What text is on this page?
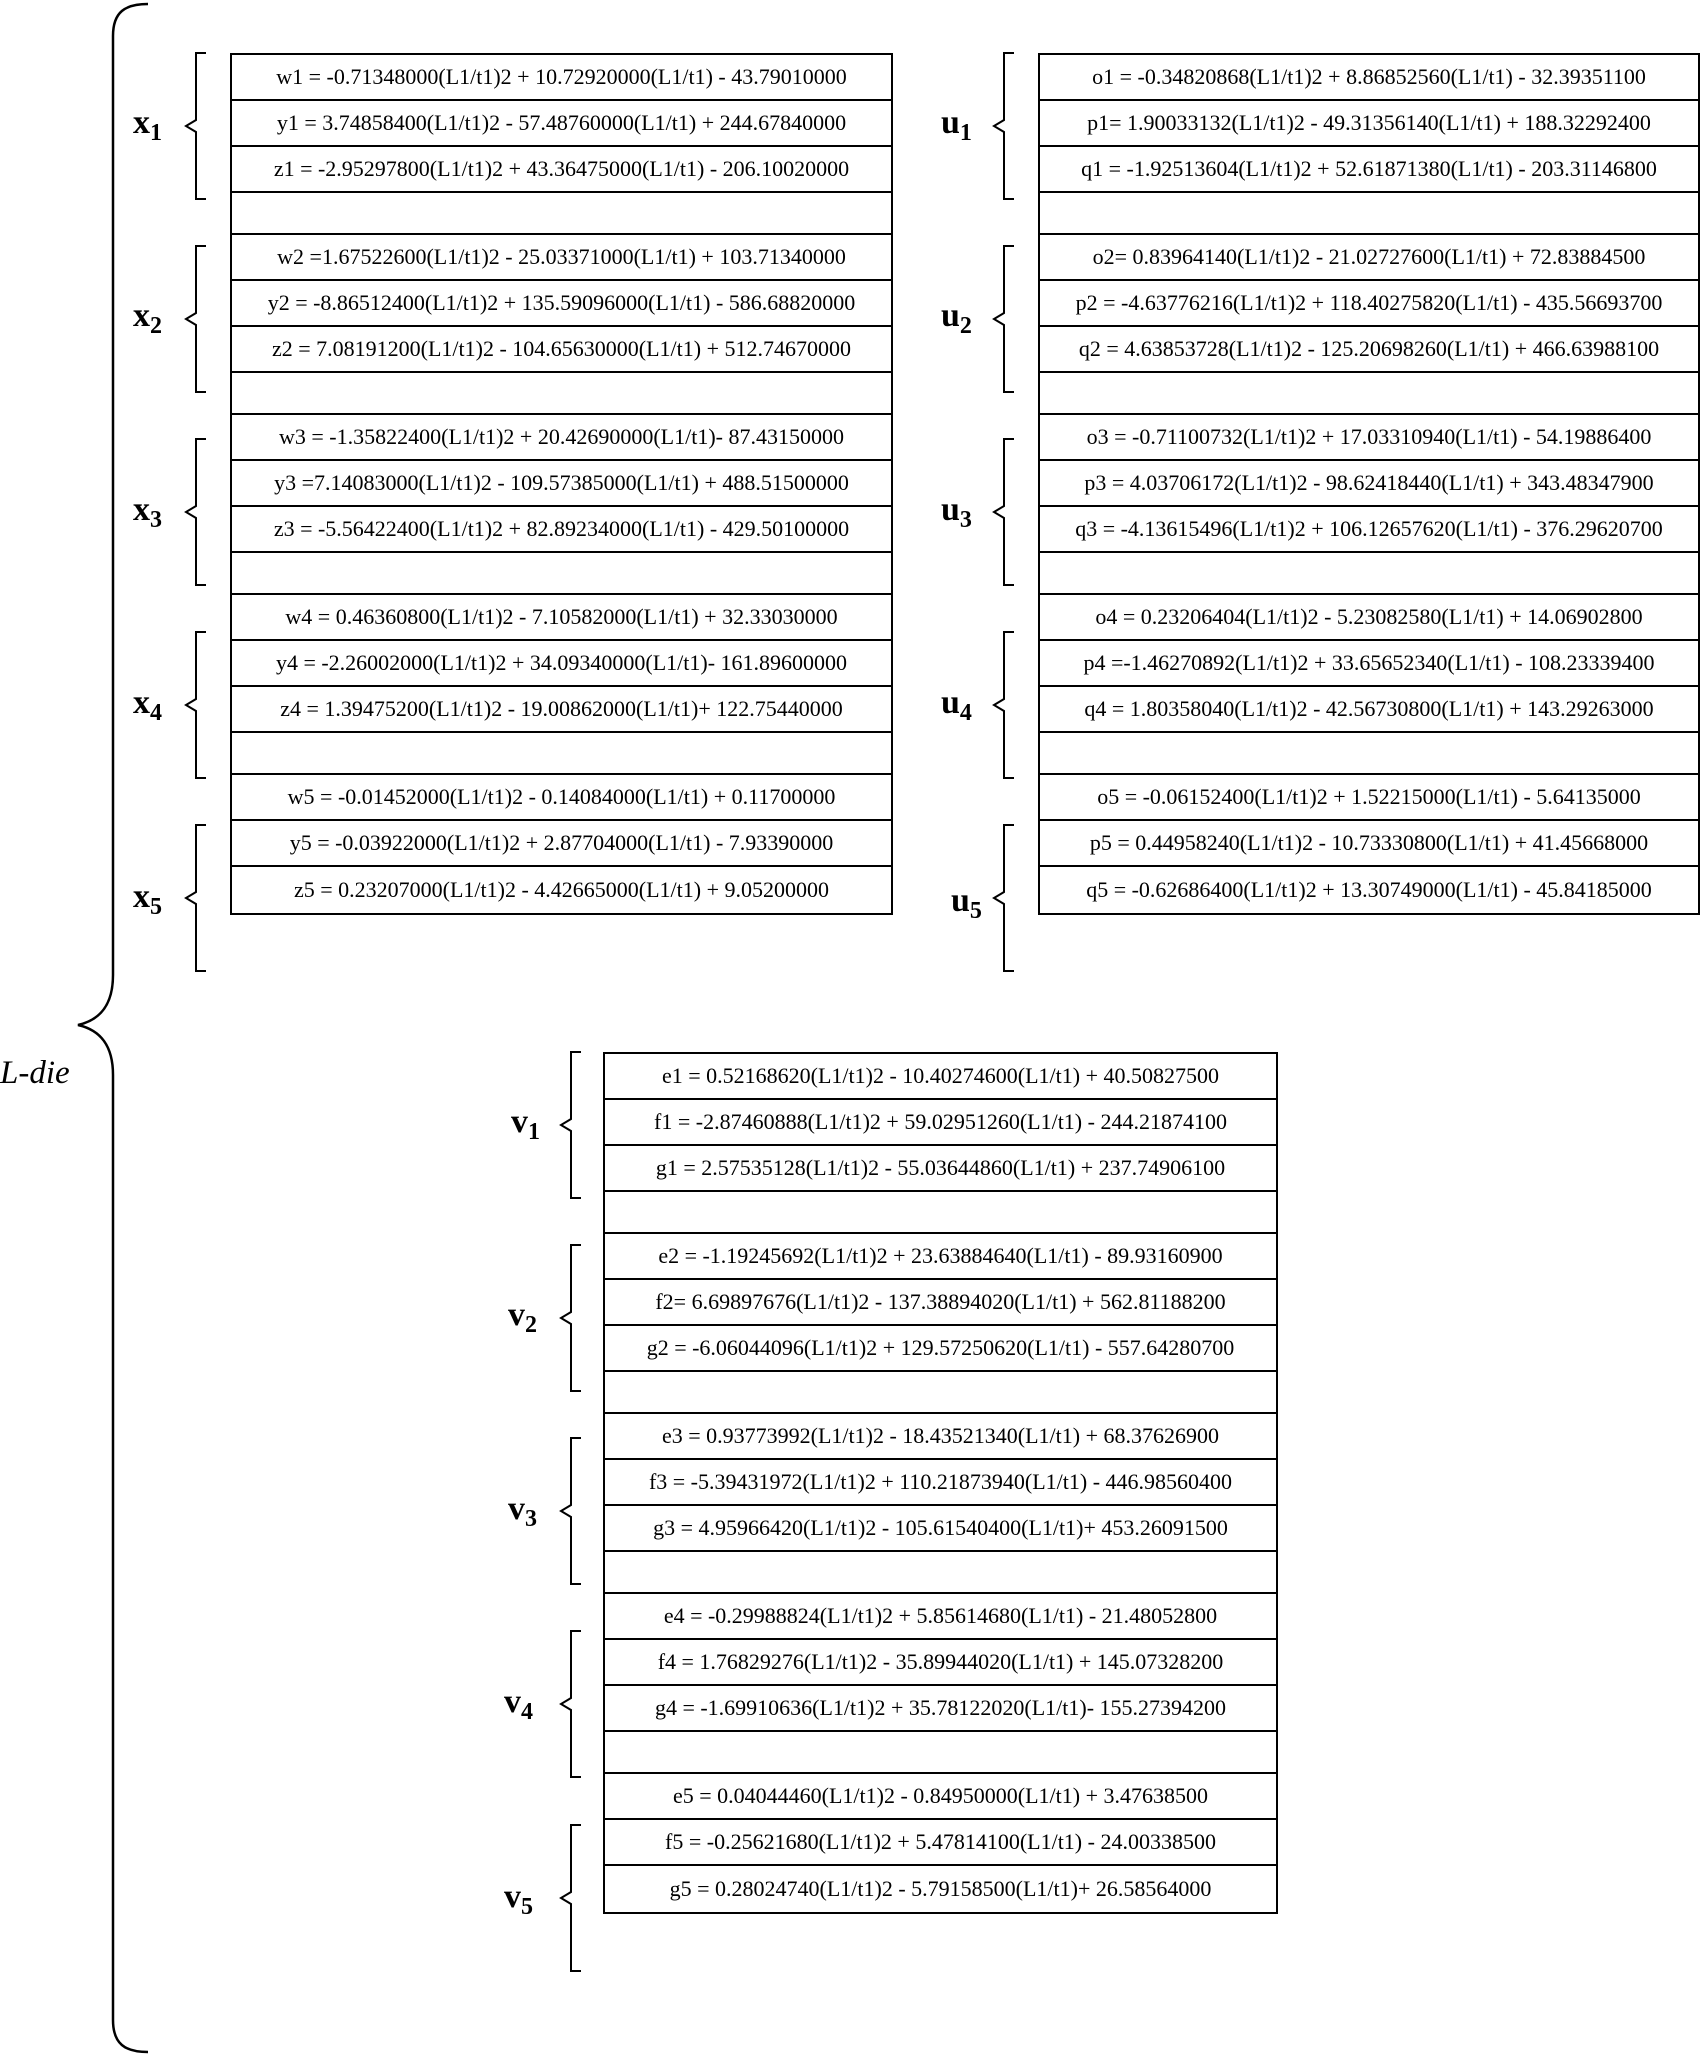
L-die
w1 = -0.71348000(L1/t1)2 + 10.72920000(L1/t1) - 43.79010000
y1 = 3.74858400(L1/t1)2 - 57.48760000(L1/t1) + 244.67840000
z1 = -2.95297800(L1/t1)2 + 43.36475000(L1/t1) - 206.10020000
w2 =1.67522600(L1/t1)2 - 25.03371000(L1/t1) + 103.71340000
y2 = -8.86512400(L1/t1)2 + 135.59096000(L1/t1) - 586.68820000
z2 = 7.08191200(L1/t1)2 - 104.65630000(L1/t1) + 512.74670000
w3 = -1.35822400(L1/t1)2 + 20.42690000(L1/t1)- 87.43150000
y3 =7.14083000(L1/t1)2 - 109.57385000(L1/t1) + 488.51500000
z3 = -5.56422400(L1/t1)2 + 82.89234000(L1/t1) - 429.50100000
w4 = 0.46360800(L1/t1)2 - 7.10582000(L1/t1) + 32.33030000
y4 = -2.26002000(L1/t1)2 + 34.09340000(L1/t1)- 161.89600000
z4 = 1.39475200(L1/t1)2 - 19.00862000(L1/t1)+ 122.75440000
w5 = -0.01452000(L1/t1)2 - 0.14084000(L1/t1) + 0.11700000
y5 = -0.03922000(L1/t1)2 + 2.87704000(L1/t1) - 7.93390000
z5 = 0.23207000(L1/t1)2 - 4.42665000(L1/t1) + 9.05200000
o1 = -0.34820868(L1/t1)2 + 8.86852560(L1/t1) - 32.39351100
p1= 1.90033132(L1/t1)2 - 49.31356140(L1/t1) + 188.32292400
q1 = -1.92513604(L1/t1)2 + 52.61871380(L1/t1) - 203.31146800
o2= 0.83964140(L1/t1)2 - 21.02727600(L1/t1) + 72.83884500
p2 = -4.63776216(L1/t1)2 + 118.40275820(L1/t1) - 435.56693700
q2 = 4.63853728(L1/t1)2 - 125.20698260(L1/t1) + 466.63988100
o3 = -0.71100732(L1/t1)2 + 17.03310940(L1/t1) - 54.19886400
p3 = 4.03706172(L1/t1)2 - 98.62418440(L1/t1) + 343.48347900
q3 = -4.13615496(L1/t1)2 + 106.12657620(L1/t1) - 376.29620700
o4 = 0.23206404(L1/t1)2 - 5.23082580(L1/t1) + 14.06902800
p4 =-1.46270892(L1/t1)2 + 33.65652340(L1/t1) - 108.23339400
q4 = 1.80358040(L1/t1)2 - 42.56730800(L1/t1) + 143.29263000
o5 = -0.06152400(L1/t1)2 + 1.52215000(L1/t1) - 5.64135000
p5 = 0.44958240(L1/t1)2 - 10.73330800(L1/t1) + 41.45668000
q5 = -0.62686400(L1/t1)2 + 13.30749000(L1/t1) - 45.84185000
e1 = 0.52168620(L1/t1)2 - 10.40274600(L1/t1) + 40.50827500
f1 = -2.87460888(L1/t1)2 + 59.02951260(L1/t1) - 244.21874100
g1 = 2.57535128(L1/t1)2 - 55.03644860(L1/t1) + 237.74906100
e2 = -1.19245692(L1/t1)2 + 23.63884640(L1/t1) - 89.93160900
f2= 6.69897676(L1/t1)2 - 137.38894020(L1/t1) + 562.81188200
g2 = -6.06044096(L1/t1)2 + 129.57250620(L1/t1) - 557.64280700
e3 = 0.93773992(L1/t1)2 - 18.43521340(L1/t1) + 68.37626900
f3 = -5.39431972(L1/t1)2 + 110.21873940(L1/t1) - 446.98560400
g3 = 4.95966420(L1/t1)2 - 105.61540400(L1/t1)+ 453.26091500
e4 = -0.29988824(L1/t1)2 + 5.85614680(L1/t1) - 21.48052800
f4 = 1.76829276(L1/t1)2 - 35.89944020(L1/t1) + 145.07328200
g4 = -1.69910636(L1/t1)2 + 35.78122020(L1/t1)- 155.27394200
e5 = 0.04044460(L1/t1)2 - 0.84950000(L1/t1) + 3.47638500
f5 = -0.25621680(L1/t1)2 + 5.47814100(L1/t1) - 24.00338500
g5 = 0.28024740(L1/t1)2 - 5.79158500(L1/t1)+ 26.58564000
$x_1$
$x_2$
$x_3$
$x_4$
$x_5$
$u_1$
$u_2$
$u_3$
$u_4$
$u_5$
$v_1$
$v_2$
$v_3$
$v_4$
$v_5$
